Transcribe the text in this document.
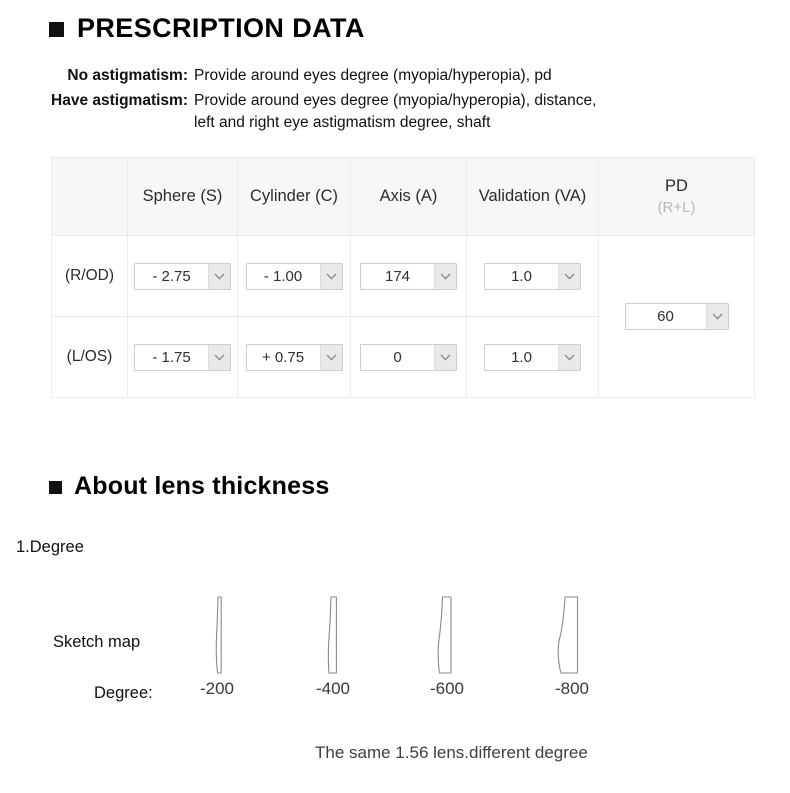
PRESCRIPTION DATA
No astigmatism: Provide around eyes degree (myopia/hyperopia), pd
Have astigmatism: Provide around eyes degree (myopia/hyperopia), distance,
left and right eye astigmatism degree, shaft
	Sphere (S)	Cylinder (C)	Axis (A)	Validation (VA)	PD
(R+L)

(R/OD)	- 2.75	- 1.00	174	1.0	60

(L/OS)	- 1.75	+ 0.75	0	1.0	
About lens thickness
1.Degree
Sketch map
Degree:	-200	-400	-600	-800
The same 1.56 lens.different degree
